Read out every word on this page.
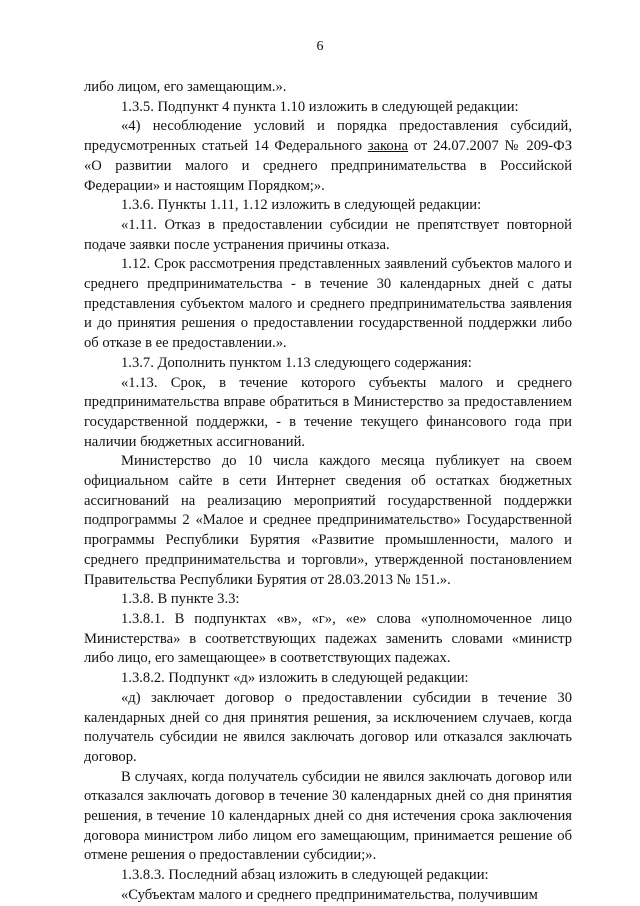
6

либо лицом, его замещающим.».

1.3.5. Подпункт 4 пункта 1.10 изложить в следующей редакции:

«4) несоблюдение условий и порядка предоставления субсидий, предусмотренных статьей 14 Федерального закона от 24.07.2007 № 209-ФЗ «О развитии малого и среднего предпринимательства в Российской Федерации» и настоящим Порядком;».

1.3.6. Пункты 1.11, 1.12 изложить в следующей редакции:

«1.11. Отказ в предоставлении субсидии не препятствует повторной подаче заявки после устранения причины отказа.

1.12. Срок рассмотрения представленных заявлений субъектов малого и среднего предпринимательства - в течение 30 календарных дней с даты представления субъектом малого и среднего предпринимательства заявления и до принятия решения о предоставлении государственной поддержки либо об отказе в ее предоставлении.».

1.3.7. Дополнить пунктом 1.13 следующего содержания:

«1.13. Срок, в течение которого субъекты малого и среднего предпринимательства вправе обратиться в Министерство за предоставлением государственной поддержки, - в течение текущего финансового года при наличии бюджетных ассигнований.

Министерство до 10 числа каждого месяца публикует на своем официальном сайте в сети Интернет сведения об остатках бюджетных ассигнований на реализацию мероприятий государственной поддержки подпрограммы 2 «Малое и среднее предпринимательство» Государственной программы Республики Бурятия «Развитие промышленности, малого и среднего предпринимательства и торговли», утвержденной постановлением Правительства Республики Бурятия от 28.03.2013 № 151.».

1.3.8. В пункте 3.3:

1.3.8.1. В подпунктах «в», «г», «е» слова «уполномоченное лицо Министерства» в соответствующих падежах заменить словами «министр либо лицо, его замещающее» в соответствующих падежах.

1.3.8.2. Подпункт «д» изложить в следующей редакции:

«д) заключает договор о предоставлении субсидии в течение 30 календарных дней со дня принятия решения, за исключением случаев, когда получатель субсидии не явился заключать договор или отказался заключать договор.

В случаях, когда получатель субсидии не явился заключать договор или отказался заключать договор в течение 30 календарных дней со дня принятия решения, в течение 10 календарных дней со дня истечения срока заключения договора министром либо лицом его замещающим, принимается решение об отмене решения о предоставлении субсидии;».

1.3.8.3. Последний абзац изложить в следующей редакции:

«Субъектам малого и среднего предпринимательства, получившим
